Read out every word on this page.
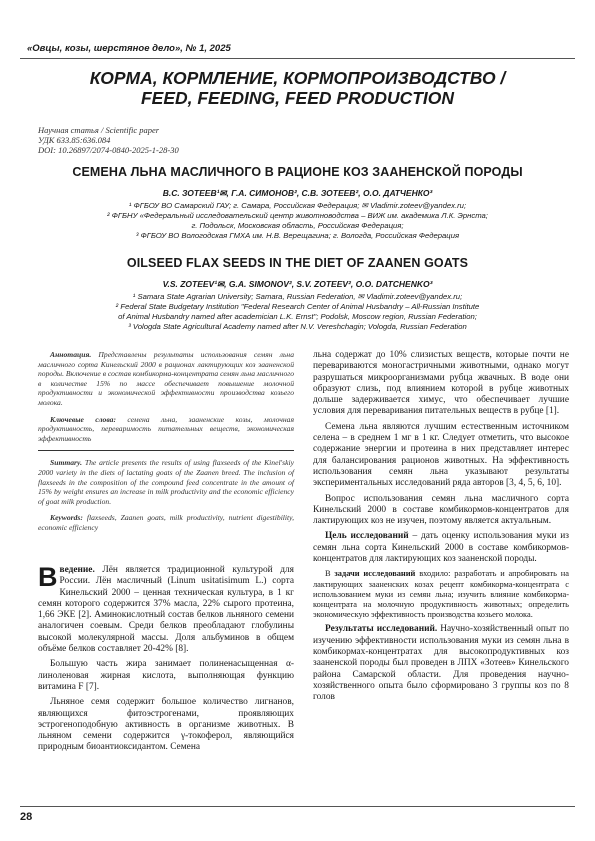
«Овцы, козы, шерстяное дело», № 1, 2025
КОРМА, КОРМЛЕНИЕ, КОРМОПРОИЗВОДСТВО /
FEED, FEEDING, FEED PRODUCTION
Научная статья / Scientific paper
УДК 633.85:636.084
DOI: 10.26897/2074-0840-2025-1-28-30
СЕМЕНА ЛЬНА МАСЛИЧНОГО В РАЦИОНЕ КОЗ ЗААНЕНСКОЙ ПОРОДЫ
В.С. ЗОТЕЕВ¹✉, Г.А. СИМОНОВ², С.В. ЗОТЕЕВ², О.О. ДАТЧЕНКО³
¹ ФГБОУ ВО Самарский ГАУ; г. Самара, Российская Федерация; ✉ Vladimir.zoteev@yandex.ru;
² ФГБНУ «Федеральный исследовательский центр животноводства – ВИЖ им. академика Л.К. Эрнста;
г. Подольск, Московская область, Российская Федерация;
³ ФГБОУ ВО Вологодская ГМХА им. Н.В. Верещагина; г. Вологда, Российская Федерация
OILSEED FLAX SEEDS IN THE DIET OF ZAANEN GOATS
V.S. ZOTEEV¹✉, G.A. SIMONOV², S.V. ZOTEEV², O.O. DATCHENKO³
¹ Samara State Agrarian University; Samara, Russian Federation, ✉ Vladimir.zoteev@yandex.ru;
² Federal State Budgetary Institution "Federal Research Center of Animal Husbandry – All-Russian Institute
of Animal Husbandry named after academician L.K. Ernst"; Podolsk, Moscow region, Russian Federation;
³ Vologda State Agricultural Academy named after N.V. Vereshchagin; Vologda, Russian Federation

Аннотация. Представлены результаты использования семян льна масличного сорта Кинельский 2000 в рационах лактирующих коз зааненской породы. Включение в состав комбикорма-концентрата семян льна масличного в количестве 15% по массе обеспечивает повышение молочной продуктивности и экономической эффективности производства козьего молока.

Ключевые слова: семена льна, зааненские козы, молочная продуктивность, переваримость питательных веществ, экономическая эффективность

Summary. The article presents the results of using flaxseeds of the Kinel'skiy 2000 variety in the diets of lactating goats of the Zaanen breed. The inclusion of flaxseeds in the composition of the compound feed concentrate in the amount of 15% by weight ensures an increase in milk productivity and the economic efficiency of goat milk production.

Keywords: flaxseeds, Zaanen goats, milk productivity, nutrient digestibility, economic efficiency

Введение. Лён является традиционной культурой для России. Лён масличный (Linum usitatisimum L.) сорта Кинельский 2000 – ценная техническая культура, в 1 кг семян которого содержится 37% масла, 22% сырого протеина, 1,66 ЭКЕ [2]. Аминокислотный состав белков льняного семени аналогичен соевым. Среди белков преобладают глобулины высокой молекулярной массы. Доля альбуминов в общем объёме белков составляет 20-42% [8].

Большую часть жира занимает полиненасыщенная α-линоленовая жирная кислота, выполняющая функцию витамина F [7].

Льняное семя содержит большое количество лигнанов, являющихся фитоэстрогенами, проявляющих эстрогеноподобную активность в организме животных. В льняном семени содержится γ-токоферол, являющийся природным биоантиоксидантом. Семена

льна содержат до 10% слизистых веществ, которые почти не перевариваются моногастричными животными, однако могут разрушаться микроорганизмами рубца жвачных. В воде они образуют слизь, под влиянием которой в рубце животных дольше задерживается химус, что обеспечивает лучшие условия для переваривания питательных веществ в рубце [1].

Семена льна являются лучшим естественным источником селена – в среднем 1 мг в 1 кг. Следует отметить, что высокое содержание энергии и протеина в них представляет интерес для балансирования рационов животных. На эффективность использования семян льна указывают результаты экспериментальных исследований ряда авторов [3, 4, 5, 6, 10].

Вопрос использования семян льна масличного сорта Кинельский 2000 в составе комбикормов-концентратов для лактирующих коз не изучен, поэтому является актуальным.

Цель исследований – дать оценку использования муки из семян льна сорта Кинельский 2000 в составе комбикормов-концентратов для лактирующих коз зааненской породы.

В задачи исследований входило: разработать и апробировать на лактирующих зааненских козах рецепт комбикорма-концентрата с использованием муки из семян льна; изучить влияние комбикорма-концентрата на молочную продуктивность животных; определить экономическую эффективность производства козьего молока.

Результаты исследований. Научно-хозяйственный опыт по изучению эффективности использования муки из семян льна в комбикормах-концентратах для высокопродуктивных коз зааненской породы был проведен в ЛПХ «Зотеев» Кинельского района Самарской области. Для проведения научно-хозяйственного опыта было сформировано 3 группы коз по 8 голов

28
